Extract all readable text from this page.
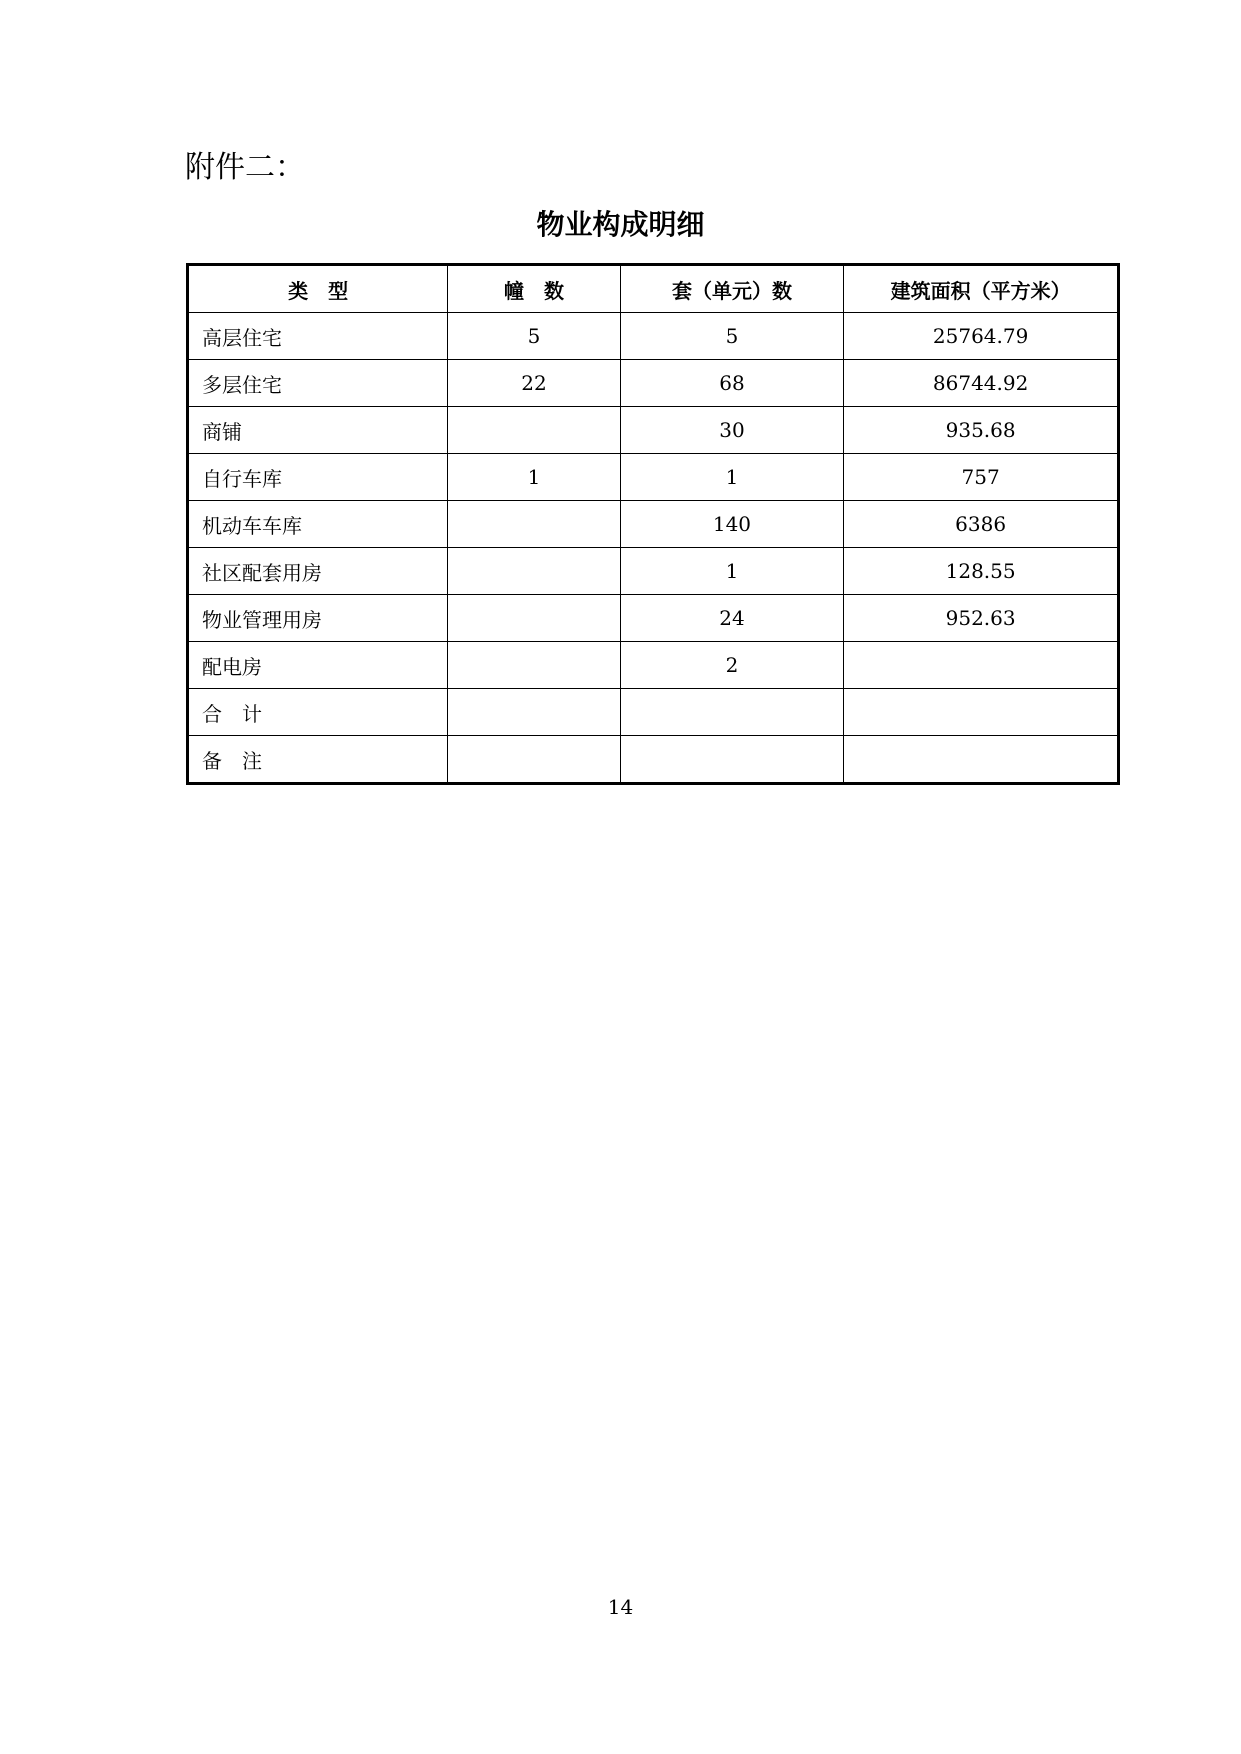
附件二：
物业构成明细
类　型	幢　数	套（单元）数	建筑面积（平方米）
高层住宅	5	5	25764.79
多层住宅	22	68	86744.92
商铺		30	935.68
自行车库	1	1	757
机动车车库		140	6386
社区配套用房		1	128.55
物业管理用房		24	952.63
配电房		2	
合　计			
备　注			
14
